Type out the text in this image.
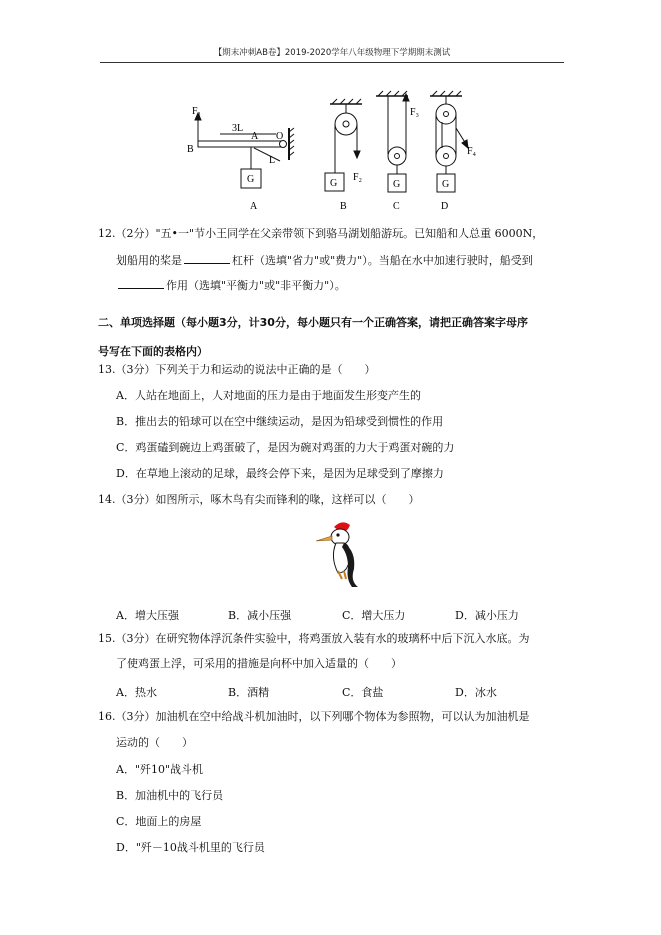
【期末冲刺AB卷】2019-2020学年八年级物理下学期期末测试
F₁
3L
A O
B
L
G	G
F₂
F₃
G
F₄
G
A	B	C	D
12.（2分）"五•一"节小王同学在父亲带领下到骆马湖划船游玩。已知船和人总重 6000N，
划船用的桨是	杠杆（选填"省力"或"费力"）。当船在水中加速行驶时，船受到
作用（选填"平衡力"或"非平衡力"）。
二、单项选择题（每小题3分，计30分，每小题只有一个正确答案，请把正确答案字母序
号写在下面的表格内）
13.（3分）下列关于力和运动的说法中正确的是（　　）
A．人站在地面上，人对地面的压力是由于地面发生形变产生的
B．推出去的铅球可以在空中继续运动，是因为铅球受到惯性的作用
C．鸡蛋磕到碗边上鸡蛋破了，是因为碗对鸡蛋的力大于鸡蛋对碗的力
D．在草地上滚动的足球，最终会停下来，是因为足球受到了摩擦力
14.（3分）如图所示，啄木鸟有尖而锋利的喙，这样可以（　　）
A．增大压强	B．减小压强	C．增大压力	D．减小压力
15.（3分）在研究物体浮沉条件实验中，将鸡蛋放入装有水的玻璃杯中后下沉入水底。为
了使鸡蛋上浮，可采用的措施是向杯中加入适量的（　　）
A．热水	B．酒精	C．食盐	D．冰水
16.（3分）加油机在空中给战斗机加油时，以下列哪个物体为参照物，可以认为加油机是
运动的（　　）
A．"歼10"战斗机
B．加油机中的飞行员
C．地面上的房屋
D．"歼－10战斗机里的飞行员
